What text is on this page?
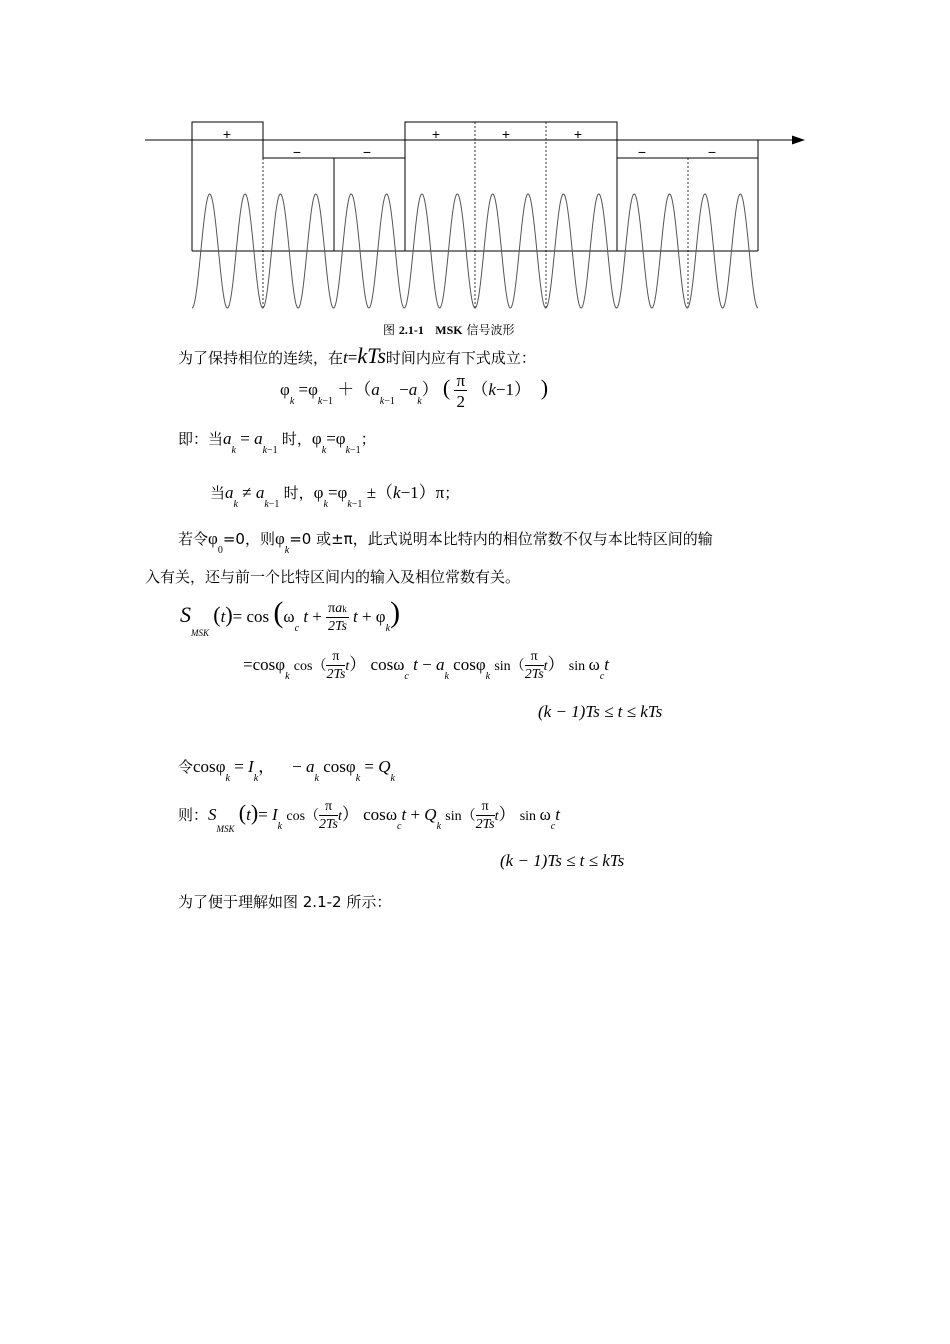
+
−	−
+	+	+
−	−
图 2.1-1 MSK 信号波形
为了保持相位的连续，在t=kTs时间内应有下式成立：
$\varphi_k =\varphi_{k-1} +(a_{k-1} -a_k)$ ( $\frac{\pi}{2} (k-1)$  )
即：当$a_k = a_{k-1}$ 时，$\varphi_k=\varphi_{k-1}$；
当$a_k \ne a_{k-1}$ 时，$\varphi_k=\varphi_{k-1} \pm(k-1)\pi$；
若令$\varphi_0=0$，则$\varphi_k=0$ 或±π，此式说明本比特内的相位常数不仅与本比特区间的输
入有关，还与前一个比特区间内的输入及相位常数有关。
$S_{MSK}$ $(t)= \cos (\omega_c$ $t + \frac{\text{πak}}{2Ts}$ $t + \varphi_k$)
=cosφ$_k$ $\cos( \frac{\pi}{2Ts} t)$ cosω$_c$ $t - a_k$ cosφ$_k$ $\sin( \frac{\pi}{2Ts} t)$ $\sin \omega_ct$
(k − 1)Ts ≤ t ≤ kTs
令$\cos\varphi_k = I_k$，    − $a_k$ $\cos\varphi_k = Q_k$
则：$S_{MSK}$ $(t)= I_k$ $\cos( \frac{\pi}{2Ts} t)$ $\cos\omega_ct + Q_k$ $\sin( \frac{\pi}{2Ts} t)$ $\sin \omega_ct$
(k − 1)Ts ≤ t ≤ kTs
为了便于理解如图 2.1-2 所示：
